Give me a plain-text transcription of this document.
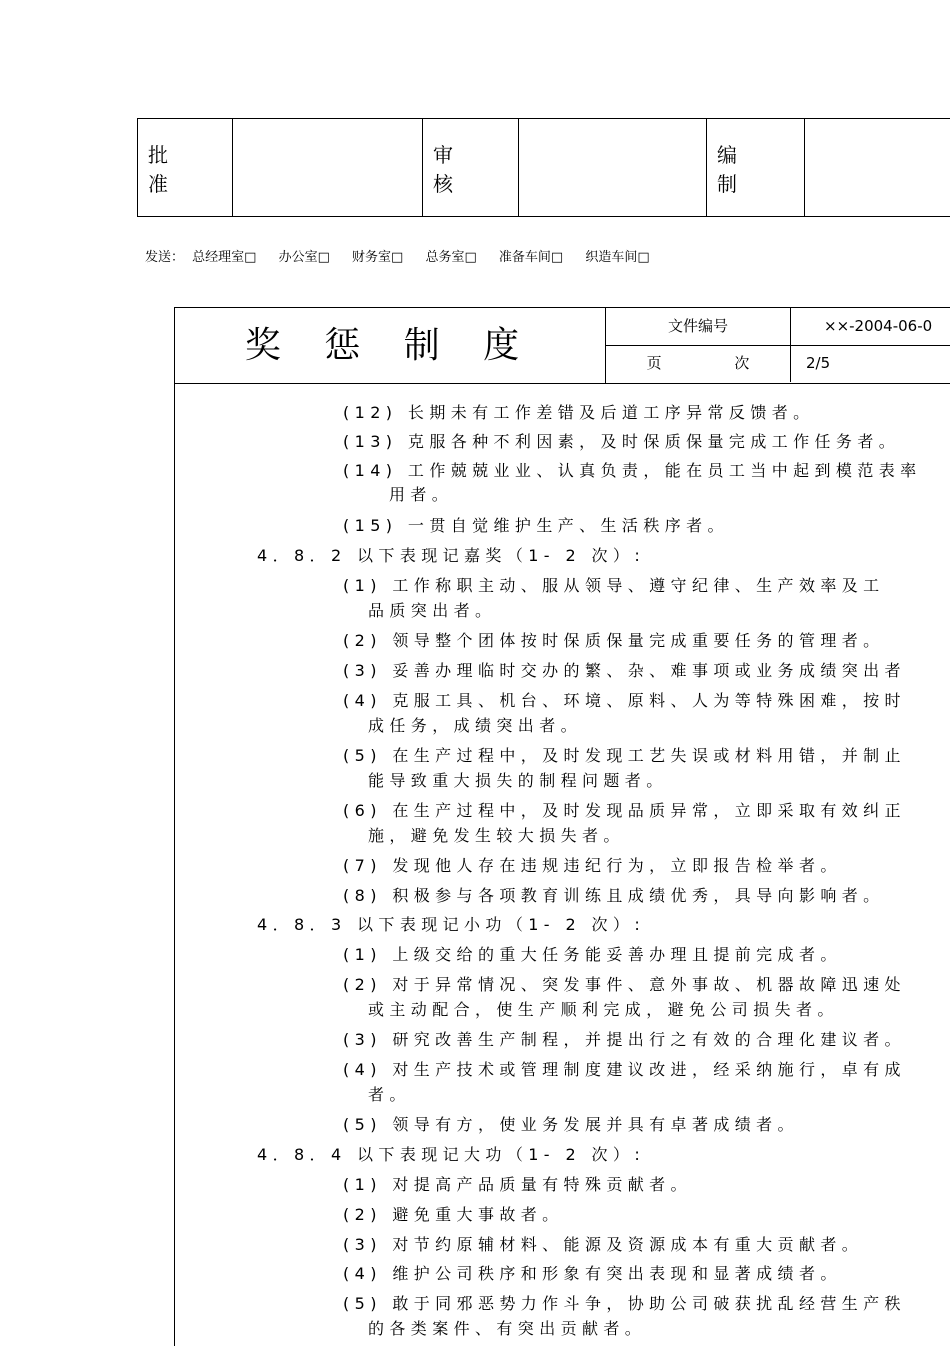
批 准		审 核		编 制	
发送： 总经理室□ 办公室□ 财务室□ 总务室□ 准备车间□ 织造车间□
奖 惩 制 度	文件编号	××-2004-06-0
页 次	2/5
(12) 长期未有工作差错及后道工序异常反馈者。
(13) 克服各种不利因素，及时保质保量完成工作任务者。
(14) 工作兢兢业业、认真负责，能在员工当中起到模范表率
用者。
(15) 一贯自觉维护生产、生活秩序者。
4．8．2 以下表现记嘉奖（1- 2 次）:
(1) 工作称职主动、服从领导、遵守纪律、生产效率及工
品质突出者。
(2) 领导整个团体按时保质保量完成重要任务的管理者。
(3) 妥善办理临时交办的繁、杂、难事项或业务成绩突出者
(4) 克服工具、机台、环境、原料、人为等特殊困难，按时
成任务，成绩突出者。
(5) 在生产过程中，及时发现工艺失误或材料用错，并制止
能导致重大损失的制程问题者。
(6) 在生产过程中，及时发现品质异常，立即采取有效纠正
施，避免发生较大损失者。
(7) 发现他人存在违规违纪行为，立即报告检举者。
(8) 积极参与各项教育训练且成绩优秀，具导向影响者。
4．8．3 以下表现记小功（1- 2 次）:
(1) 上级交给的重大任务能妥善办理且提前完成者。
(2) 对于异常情况、突发事件、意外事故、机器故障迅速处
或主动配合，使生产顺利完成，避免公司损失者。
(3) 研究改善生产制程，并提出行之有效的合理化建议者。
(4) 对生产技术或管理制度建议改进，经采纳施行，卓有成
者。
(5) 领导有方，使业务发展并具有卓著成绩者。
4．8．4 以下表现记大功（1- 2 次）:
(1) 对提高产品质量有特殊贡献者。
(2) 避免重大事故者。
(3) 对节约原辅材料、能源及资源成本有重大贡献者。
(4) 维护公司秩序和形象有突出表现和显著成绩者。
(5) 敢于同邪恶势力作斗争，协助公司破获扰乱经营生产秩
的各类案件、有突出贡献者。
